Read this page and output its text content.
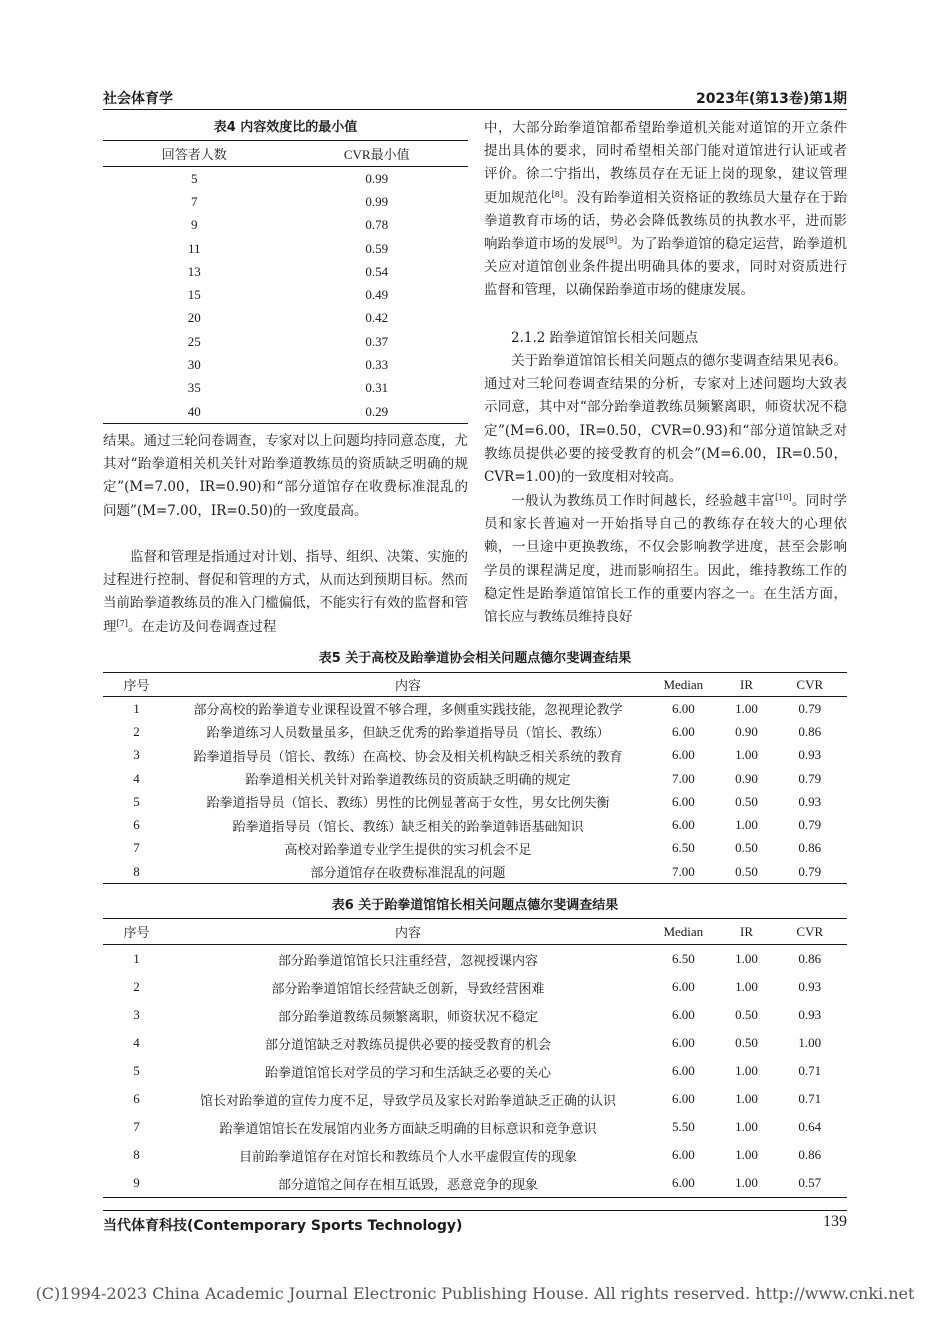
社会体育学	2023年(第13卷)第1期
表4 内容效度比的最小值
回答者人数	CVR最小值
5	0.99
7	0.99
9	0.78
11	0.59
13	0.54
15	0.49
20	0.42
25	0.37
30	0.33
35	0.31
40	0.29

中，大部分跆拳道馆都希望跆拳道机关能对道馆的开立条件提出具体的要求，同时希望相关部门能对道馆进行认证或者评价。徐二宁指出，教练员存在无证上岗的现象，建议管理更加规范化[8]。没有跆拳道相关资格证的教练员大量存在于跆拳道教育市场的话，势必会降低教练员的执教水平，进而影响跆拳道市场的发展[9]。为了跆拳道馆的稳定运营，跆拳道机关应对道馆创业条件提出明确具体的要求，同时对资质进行监督和管理，以确保跆拳道市场的健康发展。

2.1.2 跆拳道馆馆长相关问题点

关于跆拳道馆馆长相关问题点的德尔斐调查结果见表6。通过对三轮问卷调查结果的分析，专家对上述问题均大致表示同意，其中对“部分跆拳道教练员频繁离职，师资状况不稳定”(M=6.00，IR=0.50，CVR=0.93)和“部分道馆缺乏对教练员提供必要的接受教育的机会”(M=6.00，IR=0.50，CVR=1.00)的一致度相对较高。

一般认为教练员工作时间越长，经验越丰富[10]。同时学员和家长普遍对一开始指导自己的教练存在较大的心理依赖，一旦途中更换教练，不仅会影响教学进度，甚至会影响学员的课程满足度，进而影响招生。因此，维持教练工作的稳定性是跆拳道馆馆长工作的重要内容之一。在生活方面，馆长应与教练员维持良好

结果。通过三轮问卷调查，专家对以上问题均持同意态度，尤其对“跆拳道相关机关针对跆拳道教练员的资质缺乏明确的规定”(M=7.00，IR=0.90)和“部分道馆存在收费标准混乱的问题”(M=7.00，IR=0.50)的一致度最高。

监督和管理是指通过对计划、指导、组织、决策、实施的过程进行控制、督促和管理的方式，从而达到预期目标。然而当前跆拳道教练员的准入门槛偏低，不能实行有效的监督和管理[7]。在走访及问卷调查过程

表5 关于高校及跆拳道协会相关问题点德尔斐调查结果
序号	内容	Median	IR	CVR
1	部分高校的跆拳道专业课程设置不够合理，多侧重实践技能，忽视理论教学	6.00	1.00	0.79
2	跆拳道练习人员数量虽多，但缺乏优秀的跆拳道指导员（馆长、教练）	6.00	0.90	0.86
3	跆拳道指导员（馆长、教练）在高校、协会及相关机构缺乏相关系统的教育	6.00	1.00	0.93
4	跆拳道相关机关针对跆拳道教练员的资质缺乏明确的规定	7.00	0.90	0.79
5	跆拳道指导员（馆长、教练）男性的比例显著高于女性，男女比例失衡	6.00	0.50	0.93
6	跆拳道指导员（馆长、教练）缺乏相关的跆拳道韩语基础知识	6.00	1.00	0.79
7	高校对跆拳道专业学生提供的实习机会不足	6.50	0.50	0.86
8	部分道馆存在收费标准混乱的问题	7.00	0.50	0.79
表6 关于跆拳道馆馆长相关问题点德尔斐调查结果
序号	内容	Median	IR	CVR
1	部分跆拳道馆馆长只注重经营，忽视授课内容	6.50	1.00	0.86
2	部分跆拳道馆馆长经营缺乏创新，导致经营困难	6.00	1.00	0.93
3	部分跆拳道教练员频繁离职，师资状况不稳定	6.00	0.50	0.93
4	部分道馆缺乏对教练员提供必要的接受教育的机会	6.00	0.50	1.00
5	跆拳道馆馆长对学员的学习和生活缺乏必要的关心	6.00	1.00	0.71
6	馆长对跆拳道的宣传力度不足，导致学员及家长对跆拳道缺乏正确的认识	6.00	1.00	0.71
7	跆拳道馆馆长在发展馆内业务方面缺乏明确的目标意识和竞争意识	5.50	1.00	0.64
8	目前跆拳道馆存在对馆长和教练员个人水平虚假宣传的现象	6.00	1.00	0.86
9	部分道馆之间存在相互诋毁，恶意竞争的现象	6.00	1.00	0.57
当代体育科技(Contemporary Sports Technology)	139
(C)1994-2023 China Academic Journal Electronic Publishing House. All rights reserved. http://www.cnki.net
